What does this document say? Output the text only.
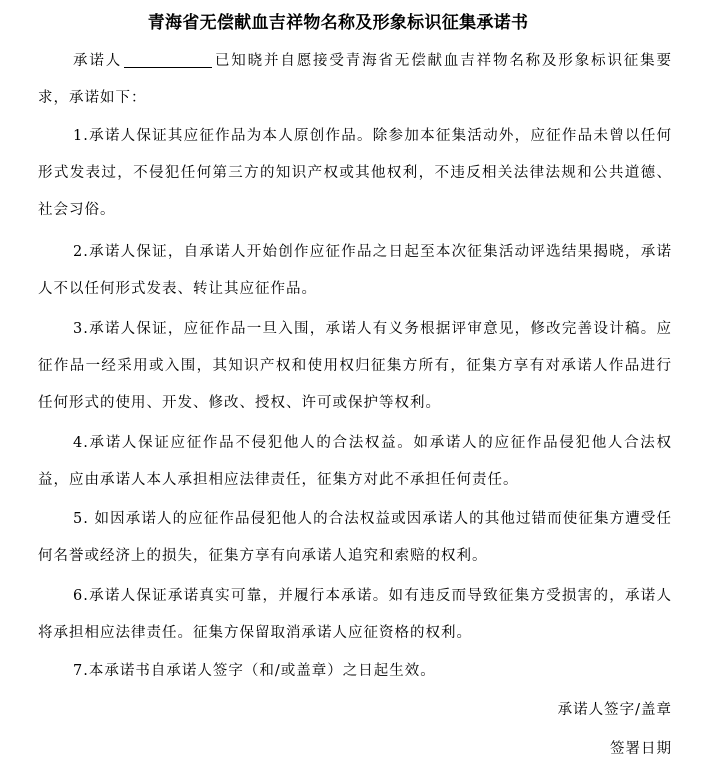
青海省无偿献血吉祥物名称及形象标识征集承诺书

承诺人	已知晓并自愿接受青海省无偿献血吉祥物名称及形象标识征集要求，承诺如下：

1.承诺人保证其应征作品为本人原创作品。除参加本征集活动外，应征作品未曾以任何形式发表过，不侵犯任何第三方的知识产权或其他权利，不违反相关法律法规和公共道德、社会习俗。

2.承诺人保证，自承诺人开始创作应征作品之日起至本次征集活动评选结果揭晓，承诺人不以任何形式发表、转让其应征作品。

3.承诺人保证，应征作品一旦入围，承诺人有义务根据评审意见，修改完善设计稿。应征作品一经采用或入围，其知识产权和使用权归征集方所有，征集方享有对承诺人作品进行任何形式的使用、开发、修改、授权、许可或保护等权利。

4.承诺人保证应征作品不侵犯他人的合法权益。如承诺人的应征作品侵犯他人合法权益，应由承诺人本人承担相应法律责任，征集方对此不承担任何责任。

5. 如因承诺人的应征作品侵犯他人的合法权益或因承诺人的其他过错而使征集方遭受任何名誉或经济上的损失，征集方享有向承诺人追究和索赔的权利。

6.承诺人保证承诺真实可靠，并履行本承诺。如有违反而导致征集方受损害的，承诺人将承担相应法律责任。征集方保留取消承诺人应征资格的权利。

7.本承诺书自承诺人签字（和/或盖章）之日起生效。

承诺人签字/盖章
签署日期
